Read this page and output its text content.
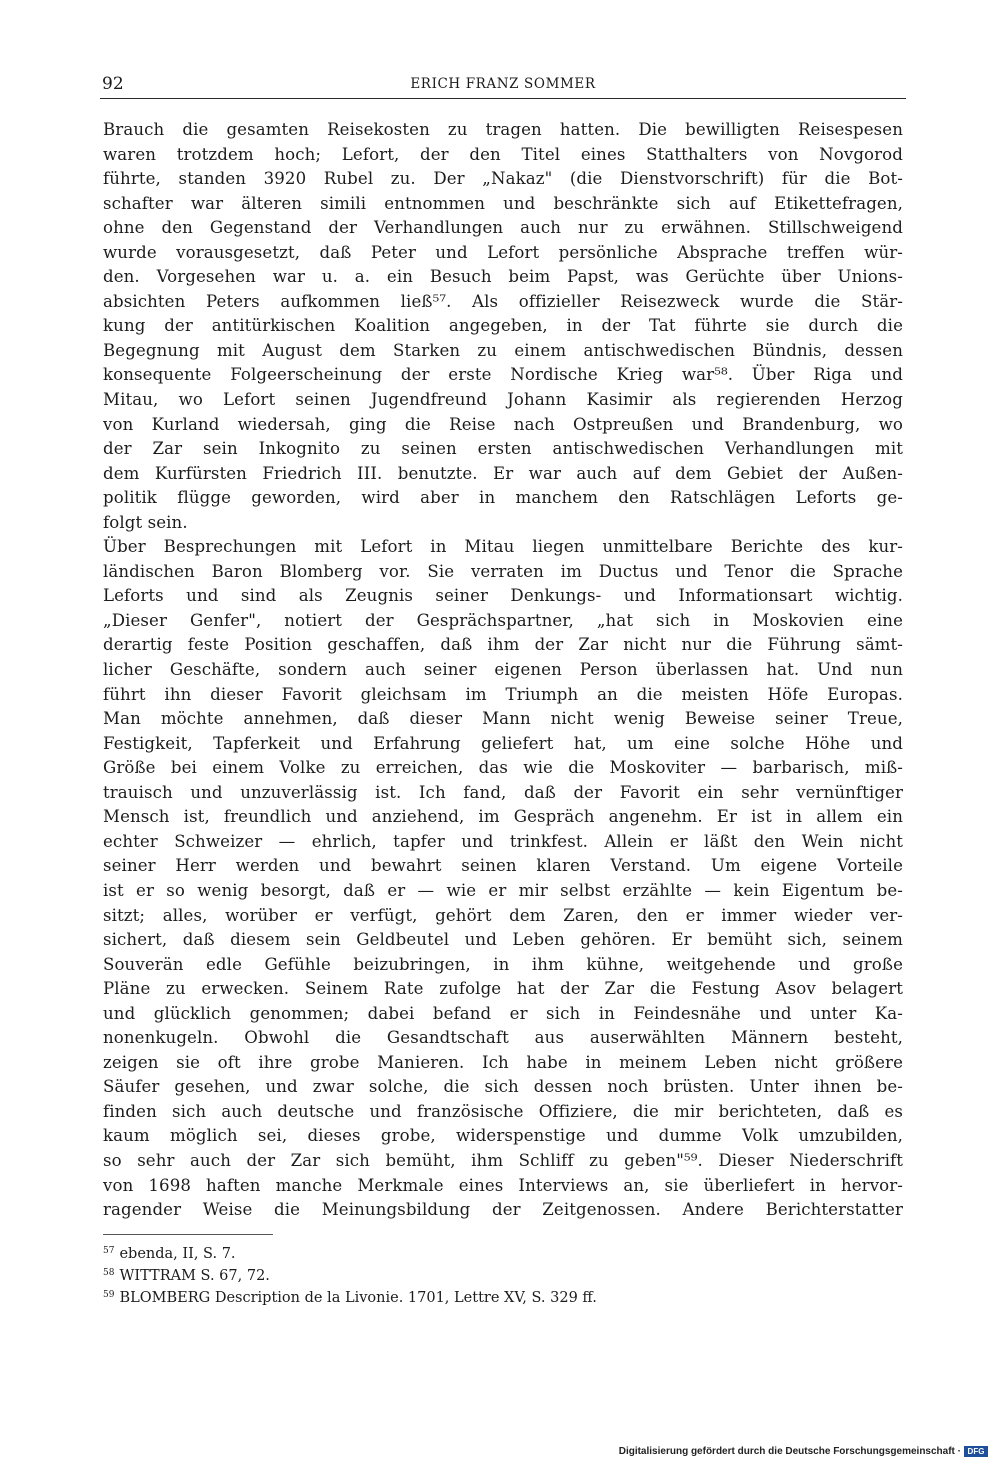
92	ERICH FRANZ SOMMER
Brauch die gesamten Reisekosten zu tragen hatten. Die bewilligten Reisespesen
waren trotzdem hoch; Lefort, der den Titel eines Statthalters von Novgorod
führte, standen 3920 Rubel zu. Der „Nakaz" (die Dienstvorschrift) für die Bot-
schafter war älteren simili entnommen und beschränkte sich auf Etikettefragen,
ohne den Gegenstand der Verhandlungen auch nur zu erwähnen. Stillschweigend
wurde vorausgesetzt, daß Peter und Lefort persönliche Absprache treffen wür-
den. Vorgesehen war u. a. ein Besuch beim Papst, was Gerüchte über Unions-
absichten Peters aufkommen ließ⁵⁷. Als offizieller Reisezweck wurde die Stär-
kung der antitürkischen Koalition angegeben, in der Tat führte sie durch die
Begegnung mit August dem Starken zu einem antischwedischen Bündnis, dessen
konsequente Folgeerscheinung der erste Nordische Krieg war⁵⁸. Über Riga und
Mitau, wo Lefort seinen Jugendfreund Johann Kasimir als regierenden Herzog
von Kurland wiedersah, ging die Reise nach Ostpreußen und Brandenburg, wo
der Zar sein Inkognito zu seinen ersten antischwedischen Verhandlungen mit
dem Kurfürsten Friedrich III. benutzte. Er war auch auf dem Gebiet der Außen-
politik flügge geworden, wird aber in manchem den Ratschlägen Leforts ge-
folgt sein.
Über Besprechungen mit Lefort in Mitau liegen unmittelbare Berichte des kur-
ländischen Baron Blomberg vor. Sie verraten im Ductus und Tenor die Sprache
Leforts und sind als Zeugnis seiner Denkungs- und Informationsart wichtig.
„Dieser Genfer", notiert der Gesprächspartner, „hat sich in Moskovien eine
derartig feste Position geschaffen, daß ihm der Zar nicht nur die Führung sämt-
licher Geschäfte, sondern auch seiner eigenen Person überlassen hat. Und nun
führt ihn dieser Favorit gleichsam im Triumph an die meisten Höfe Europas.
Man möchte annehmen, daß dieser Mann nicht wenig Beweise seiner Treue,
Festigkeit, Tapferkeit und Erfahrung geliefert hat, um eine solche Höhe und
Größe bei einem Volke zu erreichen, das wie die Moskoviter — barbarisch, miß-
trauisch und unzuverlässig ist. Ich fand, daß der Favorit ein sehr vernünftiger
Mensch ist, freundlich und anziehend, im Gespräch angenehm. Er ist in allem ein
echter Schweizer — ehrlich, tapfer und trinkfest. Allein er läßt den Wein nicht
seiner Herr werden und bewahrt seinen klaren Verstand. Um eigene Vorteile
ist er so wenig besorgt, daß er — wie er mir selbst erzählte — kein Eigentum be-
sitzt; alles, worüber er verfügt, gehört dem Zaren, den er immer wieder ver-
sichert, daß diesem sein Geldbeutel und Leben gehören. Er bemüht sich, seinem
Souverän edle Gefühle beizubringen, in ihm kühne, weitgehende und große
Pläne zu erwecken. Seinem Rate zufolge hat der Zar die Festung Asov belagert
und glücklich genommen; dabei befand er sich in Feindesnähe und unter Ka-
nonenkugeln. Obwohl die Gesandtschaft aus auserwählten Männern besteht,
zeigen sie oft ihre grobe Manieren. Ich habe in meinem Leben nicht größere
Säufer gesehen, und zwar solche, die sich dessen noch brüsten. Unter ihnen be-
finden sich auch deutsche und französische Offiziere, die mir berichteten, daß es
kaum möglich sei, dieses grobe, widerspenstige und dumme Volk umzubilden,
so sehr auch der Zar sich bemüht, ihm Schliff zu geben"⁵⁹. Dieser Niederschrift
von 1698 haften manche Merkmale eines Interviews an, sie überliefert in hervor-
ragender Weise die Meinungsbildung der Zeitgenossen. Andere Berichterstatter
$^{57}$ ebenda, II, S. 7.
$^{58}$ WITTRAM S. 67, 72.
$^{59}$ BLOMBERG Description de la Livonie. 1701, Lettre XV, S. 329 ff.
Digitalisierung gefördert durch die Deutsche Forschungsgemeinschaft · DFG
